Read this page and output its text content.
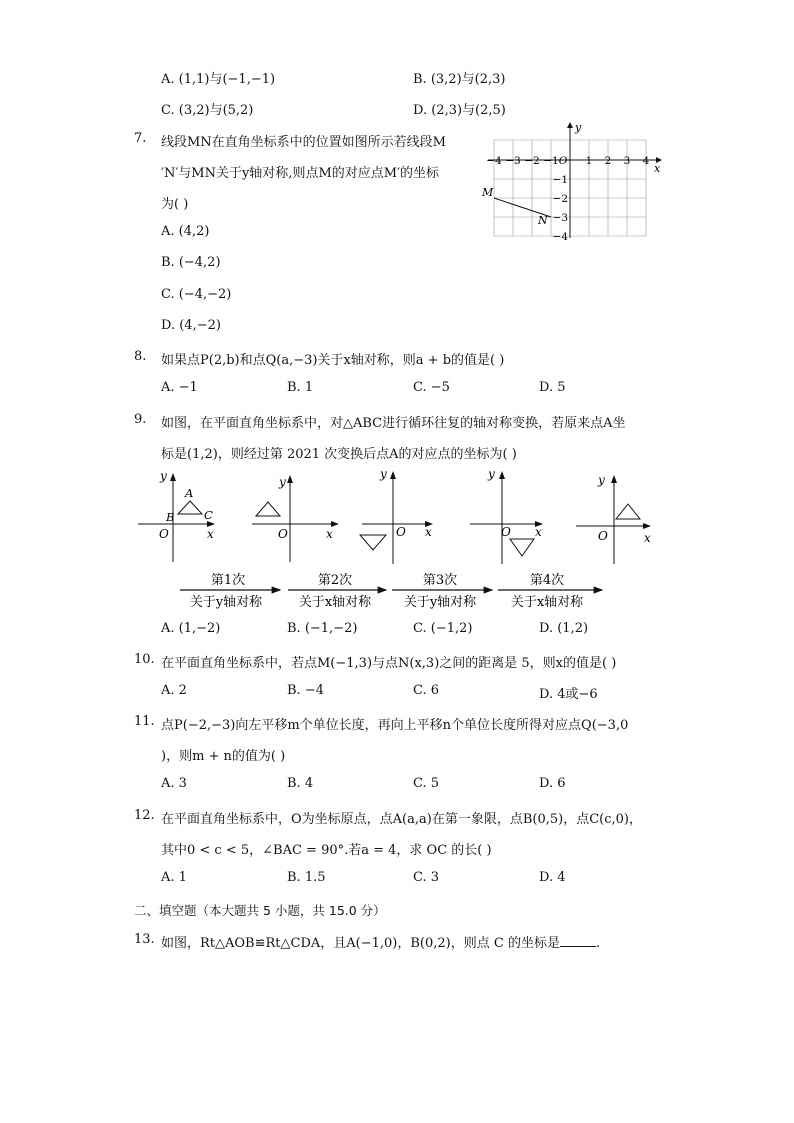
A. (1,1)与(−1,−1)	B. (3,2)与(2,3)
C. (3,2)与(5,2)	D. (2,3)与(2,5)
7. 线段MN在直角坐标系中的位置如图所示若线段M
′N′与MN关于y轴对称,则点M的对应点M′的坐标
为( )
A. (4,2)
B. (−4,2)
C. (−4,−2)
D. (4,−2)
y
x
−4 −3 −2 −1 O 1 2 3 4
−1
−2
−3
−4
M
N
8. 如果点P(2,b)和点Q(a,−3)关于x轴对称，则a + b的值是( )
A. −1	B. 1	C. −5	D. 5
9. 如图，在平面直角坐标系中，对△ABC进行循环往复的轴对称变换，若原来点A坐
标是(1,2)，则经过第 2021 次变换后点A的对应点的坐标为( )
y
x
O
y
x
O
y
x
O
y
x
O
y
x
O
A
B	C
第1次
关于y轴对称
第2次
关于x轴对称
第3次
关于y轴对称
第4次
关于x轴对称
A. (1,−2)	B. (−1,−2)	C. (−1,2)	D. (1,2)
10. 在平面直角坐标系中，若点M(−1,3)与点N(x,3)之间的距离是 5，则x的值是( )
A. 2	B. −4	C. 6	D. 4或−6
11. 点P(−2,−3)向左平移m个单位长度，再向上平移n个单位长度所得对应点Q(−3,0
)，则m + n的值为( )
A. 3	B. 4	C. 5	D. 6
12. 在平面直角坐标系中，O为坐标原点，点A(a,a)在第一象限，点B(0,5)，点C(c,0)，
其中0 < c < 5，∠BAC = 90°.若a = 4，求 OC 的长( )
A. 1	B. 1.5	C. 3	D. 4
二、填空题（本大题共 5 小题，共 15.0 分）
13. 如图，Rt△AOB≌Rt△CDA，且A(−1,0)，B(0,2)，则点 C 的坐标是	.
